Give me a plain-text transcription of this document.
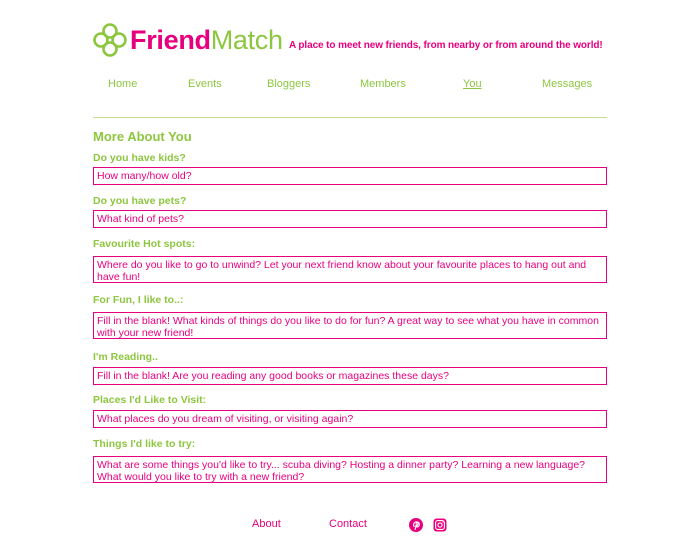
FriendMatch A place to meet new friends, from nearby or from around the world!
Home	Events	Bloggers	Members	You	Messages
More About You
Do you have kids?
How many/how old?
Do you have pets?
What kind of pets?
Favourite Hot spots:
Where do you like to go to unwind? Let your next friend know about your favourite places to hang out and have fun!
For Fun, I like to..:
Fill in the blank! What kinds of things do you like to do for fun? A great way to see what you have in common with your new friend!
I'm Reading..
Fill in the blank! Are you reading any good books or magazines these days?
Places I'd Like to Visit:
What places do you dream of visiting, or visiting again?
Things I'd like to try:
What are some things you'd like to try... scuba diving? Hosting a dinner party? Learning a new language? What would you like to try with a new friend?
About	Contact
